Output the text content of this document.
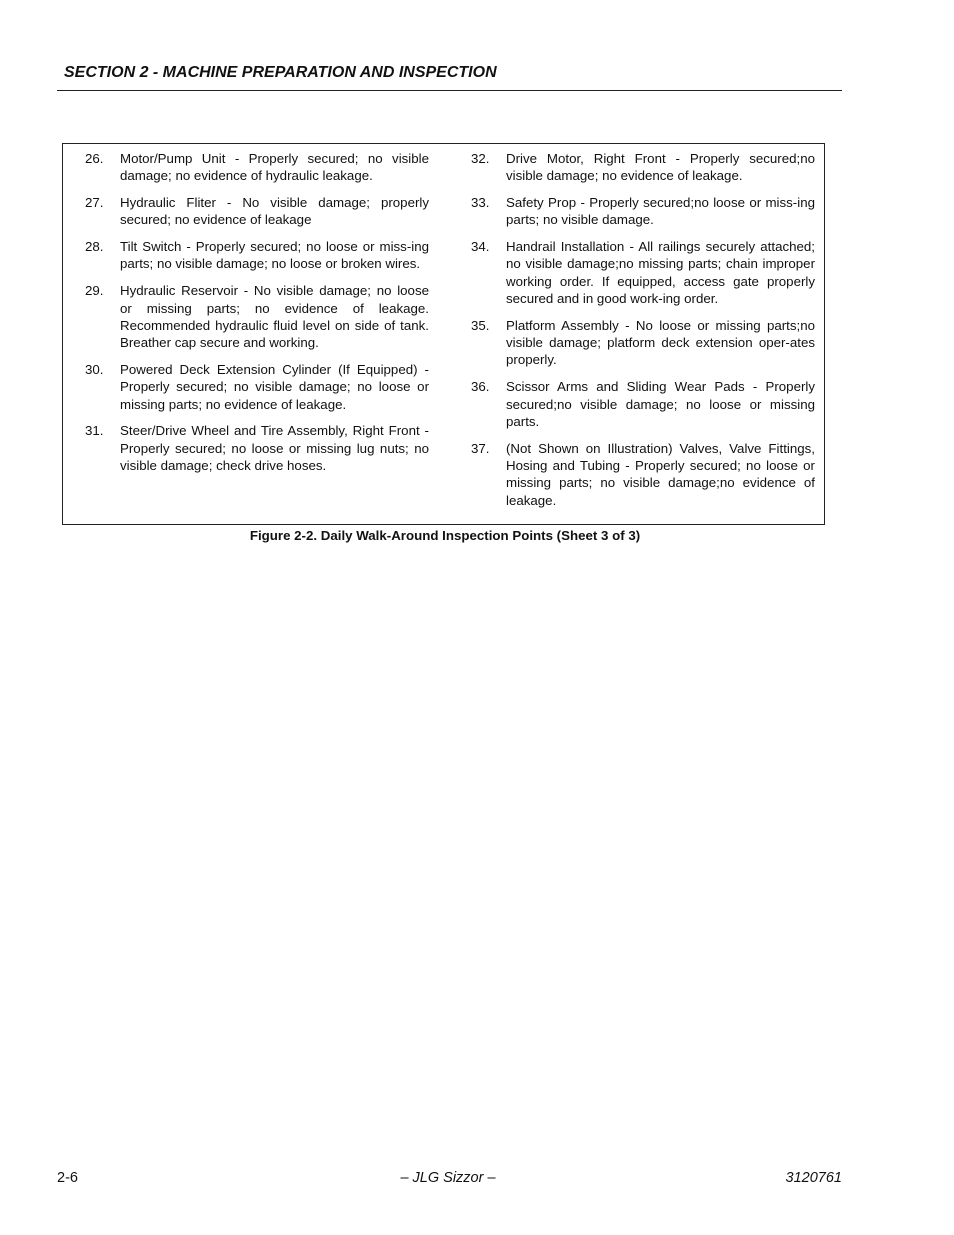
SECTION 2 - MACHINE PREPARATION AND INSPECTION
26.	Motor/Pump Unit - Properly secured; no visible damage; no evidence of hydraulic leakage.
27.	Hydraulic Fliter - No visible damage; properly secured; no evidence of leakage
28.	Tilt Switch - Properly secured; no loose or miss-ing parts; no visible damage; no loose or broken wires.
29.	Hydraulic Reservoir - No visible damage; no loose or missing parts; no evidence of leakage. Recommended hydraulic fluid level on side of tank. Breather cap secure and working.
30.	Powered Deck Extension Cylinder (If Equipped) - Properly secured; no visible damage; no loose or missing parts; no evidence of leakage.
31.	Steer/Drive Wheel and Tire Assembly, Right Front - Properly secured; no loose or missing lug nuts; no visible damage; check drive hoses.
32.	Drive Motor, Right Front - Properly secured;no visible damage; no evidence of leakage.
33.	Safety Prop - Properly secured;no loose or miss-ing parts; no visible damage.
34.	Handrail Installation - All railings securely attached; no visible damage;no missing parts; chain improper working order. If equipped, access gate properly secured and in good work-ing order.
35.	Platform Assembly - No loose or missing parts;no visible damage; platform deck extension oper-ates properly.
36.	Scissor Arms and Sliding Wear Pads - Properly secured;no visible damage; no loose or missing parts.
37.	(Not Shown on Illustration) Valves, Valve Fittings, Hosing and Tubing - Properly secured; no loose or missing parts; no visible damage;no evidence of leakage.
Figure 2-2. Daily Walk-Around Inspection Points (Sheet 3 of 3)
2-6	– JLG Sizzor –	3120761
